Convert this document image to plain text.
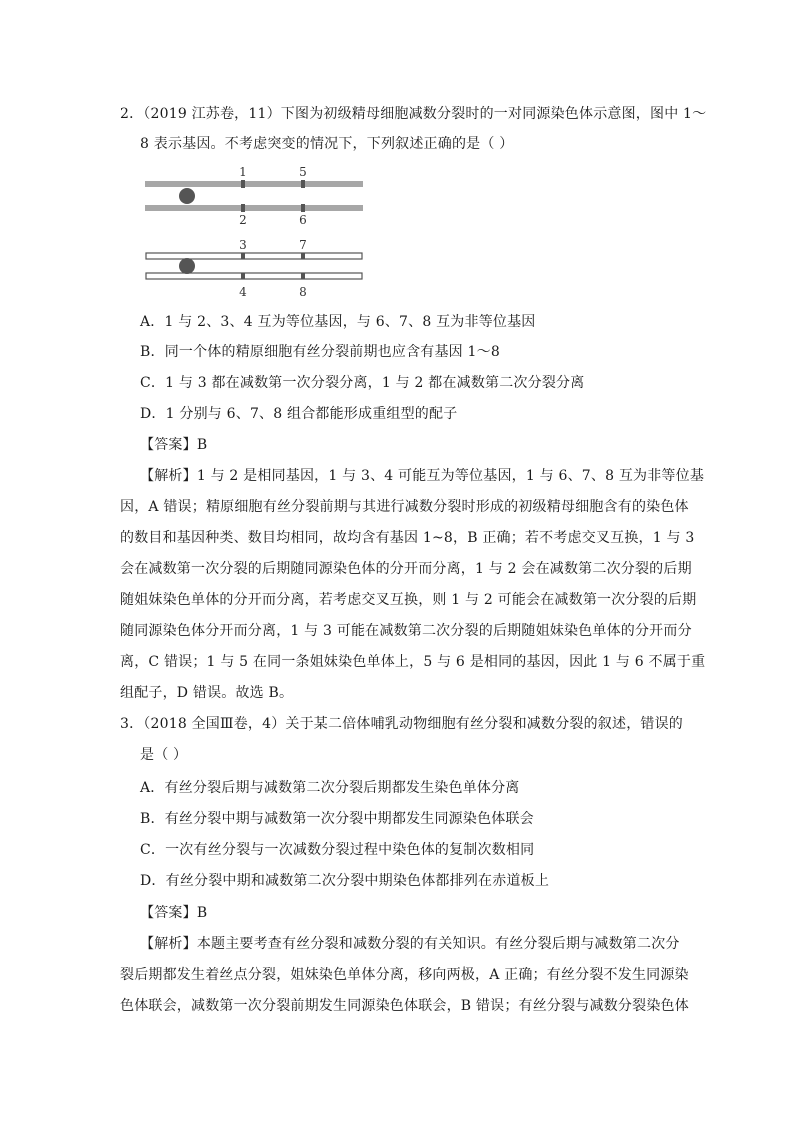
2．（2019 江苏卷，11）下图为初级精母细胞减数分裂时的一对同源染色体示意图，图中 1～
8 表示基因。不考虑突变的情况下，下列叙述正确的是（ ）
1	5
2	6
3	7
4	8
A．1 与 2、3、4 互为等位基因，与 6、7、8 互为非等位基因
B．同一个体的精原细胞有丝分裂前期也应含有基因 1～8
C．1 与 3 都在减数第一次分裂分离，1 与 2 都在减数第二次分裂分离
D．1 分别与 6、7、8 组合都能形成重组型的配子
【答案】B
【解析】1 与 2 是相同基因，1 与 3、4 可能互为等位基因，1 与 6、7、8 互为非等位基
因，A 错误；精原细胞有丝分裂前期与其进行减数分裂时形成的初级精母细胞含有的染色体
的数目和基因种类、数目均相同，故均含有基因 1~8，B 正确；若不考虑交叉互换，1 与 3
会在减数第一次分裂的后期随同源染色体的分开而分离，1 与 2 会在减数第二次分裂的后期
随姐妹染色单体的分开而分离，若考虑交叉互换，则 1 与 2 可能会在减数第一次分裂的后期
随同源染色体分开而分离，1 与 3 可能在减数第二次分裂的后期随姐妹染色单体的分开而分
离，C 错误；1 与 5 在同一条姐妹染色单体上，5 与 6 是相同的基因，因此 1 与 6 不属于重
组配子，D 错误。故选 B。
3．（2018 全国Ⅲ卷，4）关于某二倍体哺乳动物细胞有丝分裂和减数分裂的叙述，错误的
是（ ）
A．有丝分裂后期与减数第二次分裂后期都发生染色单体分离
B．有丝分裂中期与减数第一次分裂中期都发生同源染色体联会
C．一次有丝分裂与一次减数分裂过程中染色体的复制次数相同
D．有丝分裂中期和减数第二次分裂中期染色体都排列在赤道板上
【答案】B
【解析】本题主要考查有丝分裂和减数分裂的有关知识。有丝分裂后期与减数第二次分
裂后期都发生着丝点分裂，姐妹染色单体分离，移向两极，A 正确；有丝分裂不发生同源染
色体联会，减数第一次分裂前期发生同源染色体联会，B 错误；有丝分裂与减数分裂染色体
